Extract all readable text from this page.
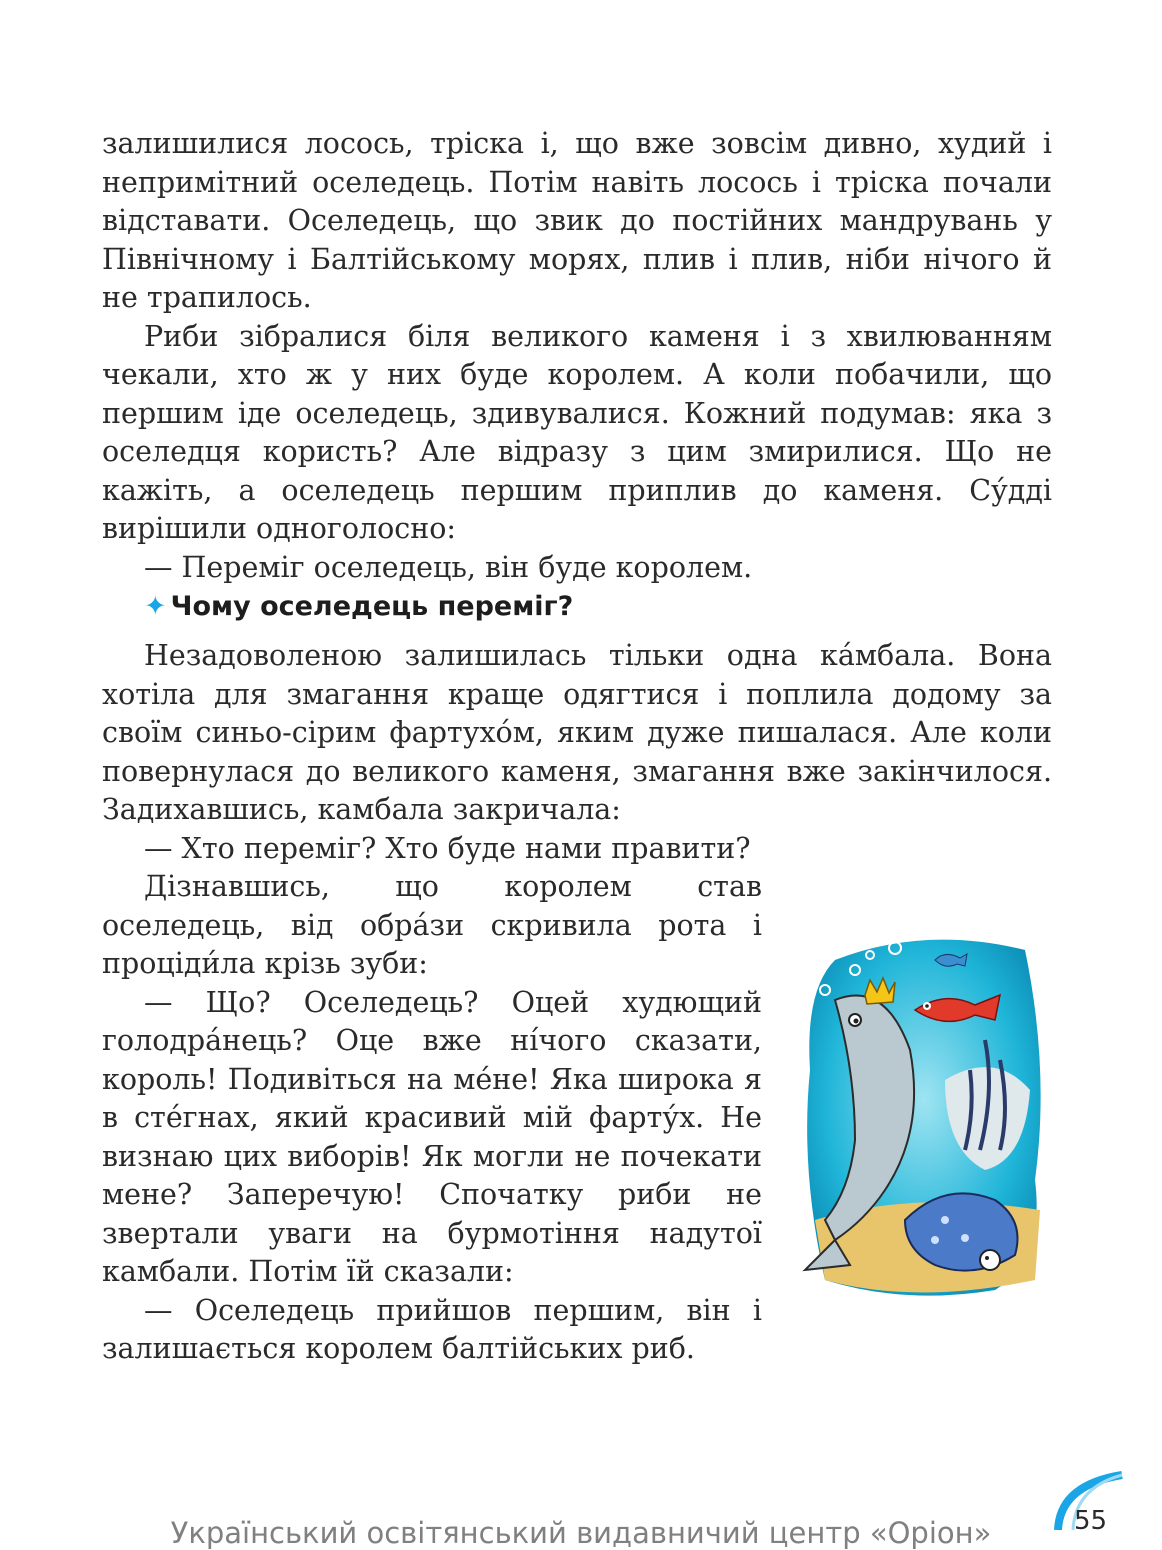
залишилися лосось, тріска і, що вже зовсім дивно, худий і непримітний оселедець. Потім навіть лосось і тріска почали відставати. Оселедець, що звик до постійних мандрувань у Північному і Балтійському морях, плив і плив, ніби нічого й не трапилось.

Риби зібралися біля великого каменя і з хвилюванням чекали, хто ж у них буде королем. А коли побачили, що першим іде оселедець, здивувалися. Кожний подумав: яка з оселедця користь? Але відразу з цим змирилися. Що не кажіть, а оселедець першим приплив до каменя. Су́дді вирішили одноголосно:

— Переміг оселедець, він буде королем.

✦ Чому оселедець переміг?

Незадоволеною залишилась тільки одна ка́мбала. Вона хотіла для змагання краще одягтися і поплила додому за своїм синьо-сірим фартухо́м, яким дуже пишалася. Але коли повернулася до великого каменя, змагання вже закінчилося. Задихавшись, камбала закричала:

— Хто переміг? Хто буде нами правити?

Дізнавшись, що королем став оселедець, від обра́зи скривила рота і проціди́ла крізь зуби:

— Що? Оселедець? Оцей худющий голодра́нець? Оце вже ні́чого сказати, король! Подивіться на ме́не! Яка широка я в сте́гнах, який красивий мій фарту́х. Не визнаю цих виборів! Як могли не почекати мене? Заперечую! Спочатку риби не звертали уваги на бурмотіння надутої камбали. Потім їй сказали:

— Оселедець прийшов першим, він і залишається королем балтійських риб.

Український освітянський видавничий центр «Оріон»	55
